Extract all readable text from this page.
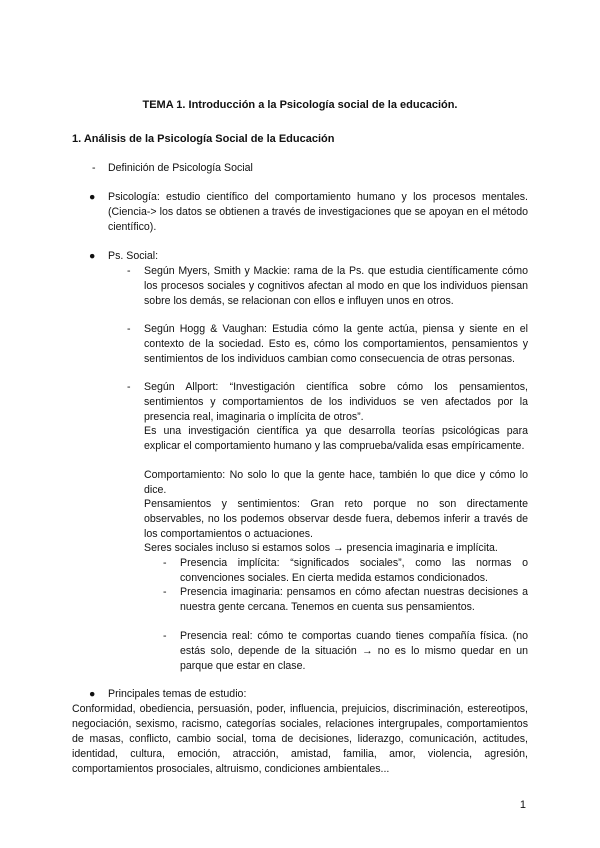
TEMA 1. Introducción a la Psicología social de la educación.
1. Análisis de la Psicología Social de la Educación
- Definición de Psicología Social
● Psicología: estudio científico del comportamiento humano y los procesos mentales. (Ciencia-> los datos se obtienen a través de investigaciones que se apoyan en el método científico).
● Ps. Social:
- Según Myers, Smith y Mackie: rama de la Ps. que estudia científicamente cómo los procesos sociales y cognitivos afectan al modo en que los individuos piensan sobre los demás, se relacionan con ellos e influyen unos en otros.
- Según Hogg & Vaughan: Estudia cómo la gente actúa, piensa y siente en el contexto de la sociedad. Esto es, cómo los comportamientos, pensamientos y sentimientos de los individuos cambian como consecuencia de otras personas.
- Según Allport: “Investigación científica sobre cómo los pensamientos, sentimientos y comportamientos de los individuos se ven afectados por la presencia real, imaginaria o implícita de otros”.
Es una investigación científica ya que desarrolla teorías psicológicas para explicar el comportamiento humano y las comprueba/valida esas empíricamente.
Comportamiento: No solo lo que la gente hace, también lo que dice y cómo lo dice.
Pensamientos y sentimientos: Gran reto porque no son directamente observables, no los podemos observar desde fuera, debemos inferir a través de los comportamientos o actuaciones.
Seres sociales incluso si estamos solos → presencia imaginaria e implícita.
- Presencia implícita: “significados sociales”, como las normas o convenciones sociales. En cierta medida estamos condicionados.
- Presencia imaginaria: pensamos en cómo afectan nuestras decisiones a nuestra gente cercana. Tenemos en cuenta sus pensamientos.
- Presencia real: cómo te comportas cuando tienes compañía física. (no estás solo, depende de la situación → no es lo mismo quedar en un parque que estar en clase.
● Principales temas de estudio:
Conformidad, obediencia, persuasión, poder, influencia, prejuicios, discriminación, estereotipos, negociación, sexismo, racismo, categorías sociales, relaciones intergrupales, comportamientos de masas, conflicto, cambio social, toma de decisiones, liderazgo, comunicación, actitudes, identidad, cultura, emoción, atracción, amistad, familia, amor, violencia, agresión, comportamientos prosociales, altruismo, condiciones ambientales...
1
